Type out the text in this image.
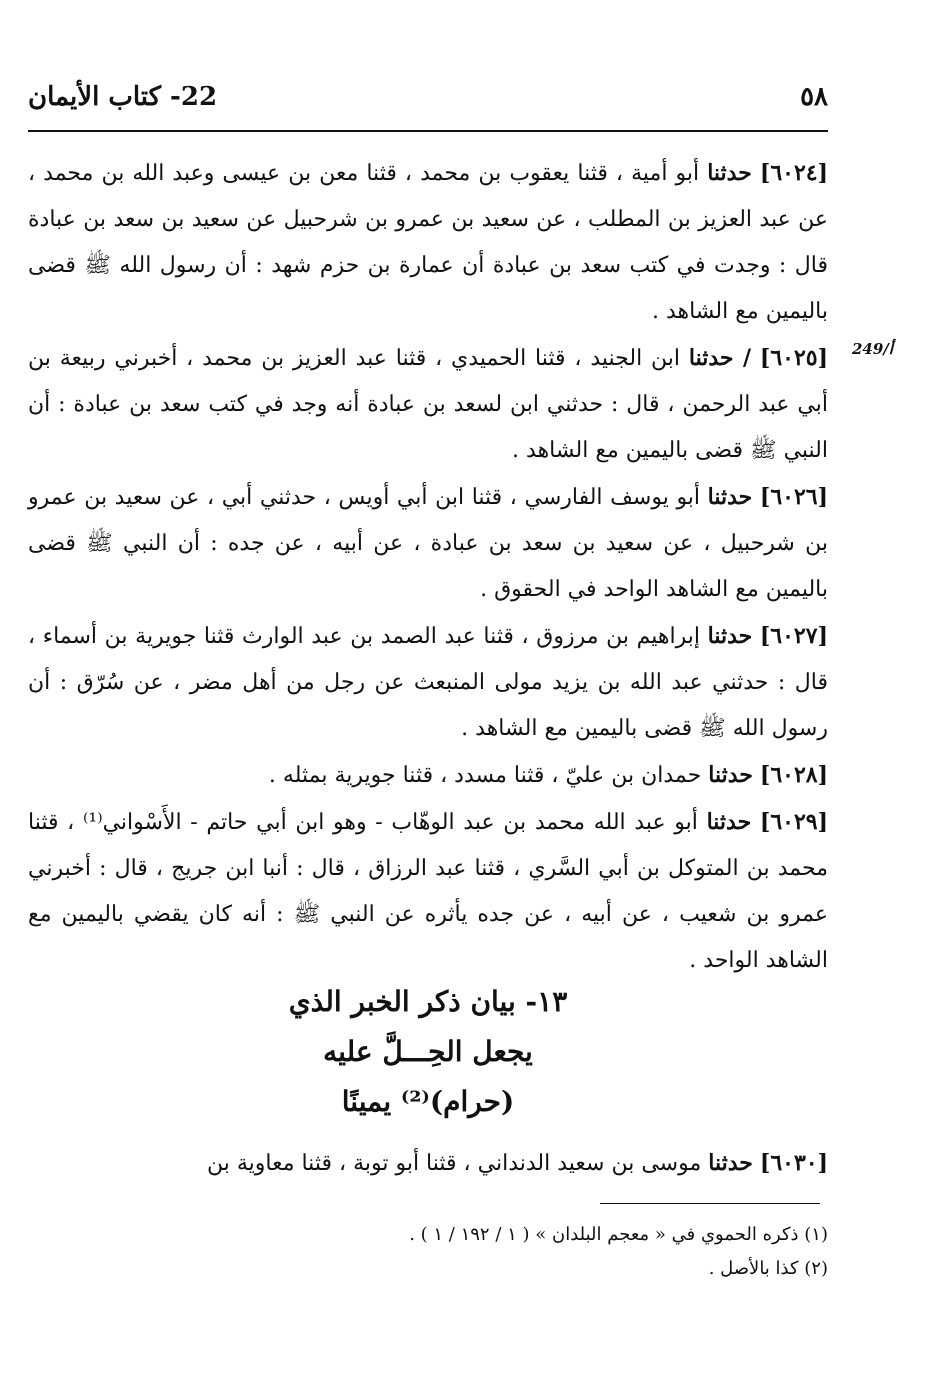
٥٨
22- كتاب الأيمان
249/أ

[٦٠٢٤] حدثنا أبو أمية ، قثنا يعقوب بن محمد ، قثنا معن بن عيسى وعبد الله بن محمد ، عن عبد العزيز بن المطلب ، عن سعيد بن عمرو بن شرحبيل عن سعيد بن سعد بن عبادة قال : وجدت في كتب سعد بن عبادة أن عمارة بن حزم شهد : أن رسول الله ﷺ قضى باليمين مع الشاهد .

[٦٠٢٥] / حدثنا ابن الجنيد ، قثنا الحميدي ، قثنا عبد العزيز بن محمد ، أخبرني ربيعة بن أبي عبد الرحمن ، قال : حدثني ابن لسعد بن عبادة أنه وجد في كتب سعد بن عبادة : أن النبي ﷺ قضى باليمين مع الشاهد .

[٦٠٢٦] حدثنا أبو يوسف الفارسي ، قثنا ابن أبي أويس ، حدثني أبي ، عن سعيد بن عمرو بن شرحبيل ، عن سعيد بن سعد بن عبادة ، عن أبيه ، عن جده : أن النبي ﷺ قضى باليمين مع الشاهد الواحد في الحقوق .

[٦٠٢٧] حدثنا إبراهيم بن مرزوق ، قثنا عبد الصمد بن عبد الوارث قثنا جويرية بن أسماء ، قال : حدثني عبد الله بن يزيد مولى المنبعث عن رجل من أهل مضر ، عن سُرّق : أن رسول الله ﷺ قضى باليمين مع الشاهد .

[٦٠٢٨] حدثنا حمدان بن عليّ ، قثنا مسدد ، قثنا جويرية بمثله .

[٦٠٢٩] حدثنا أبو عبد الله محمد بن عبد الوهّاب - وهو ابن أبي حاتم - الأَسْواني⁽¹⁾ ، قثنا محمد بن المتوكل بن أبي السَّري ، قثنا عبد الرزاق ، قال : أنبا ابن جريج ، قال : أخبرني عمرو بن شعيب ، عن أبيه ، عن جده يأثره عن النبي ﷺ : أنه كان يقضي باليمين مع الشاهد الواحد .

١٣- بيان ذكر الخبر الذي
يجعل الحِـــلَّ عليه
(حرام)⁽²⁾ يمينًا

[٦٠٣٠] حدثنا موسى بن سعيد الدنداني ، قثنا أبو توبة ، قثنا معاوية بن

(١) ذكره الحموي في « معجم البلدان » ( ١ / ١٩٢ / ١ ) .
(٢) كذا بالأصل .
